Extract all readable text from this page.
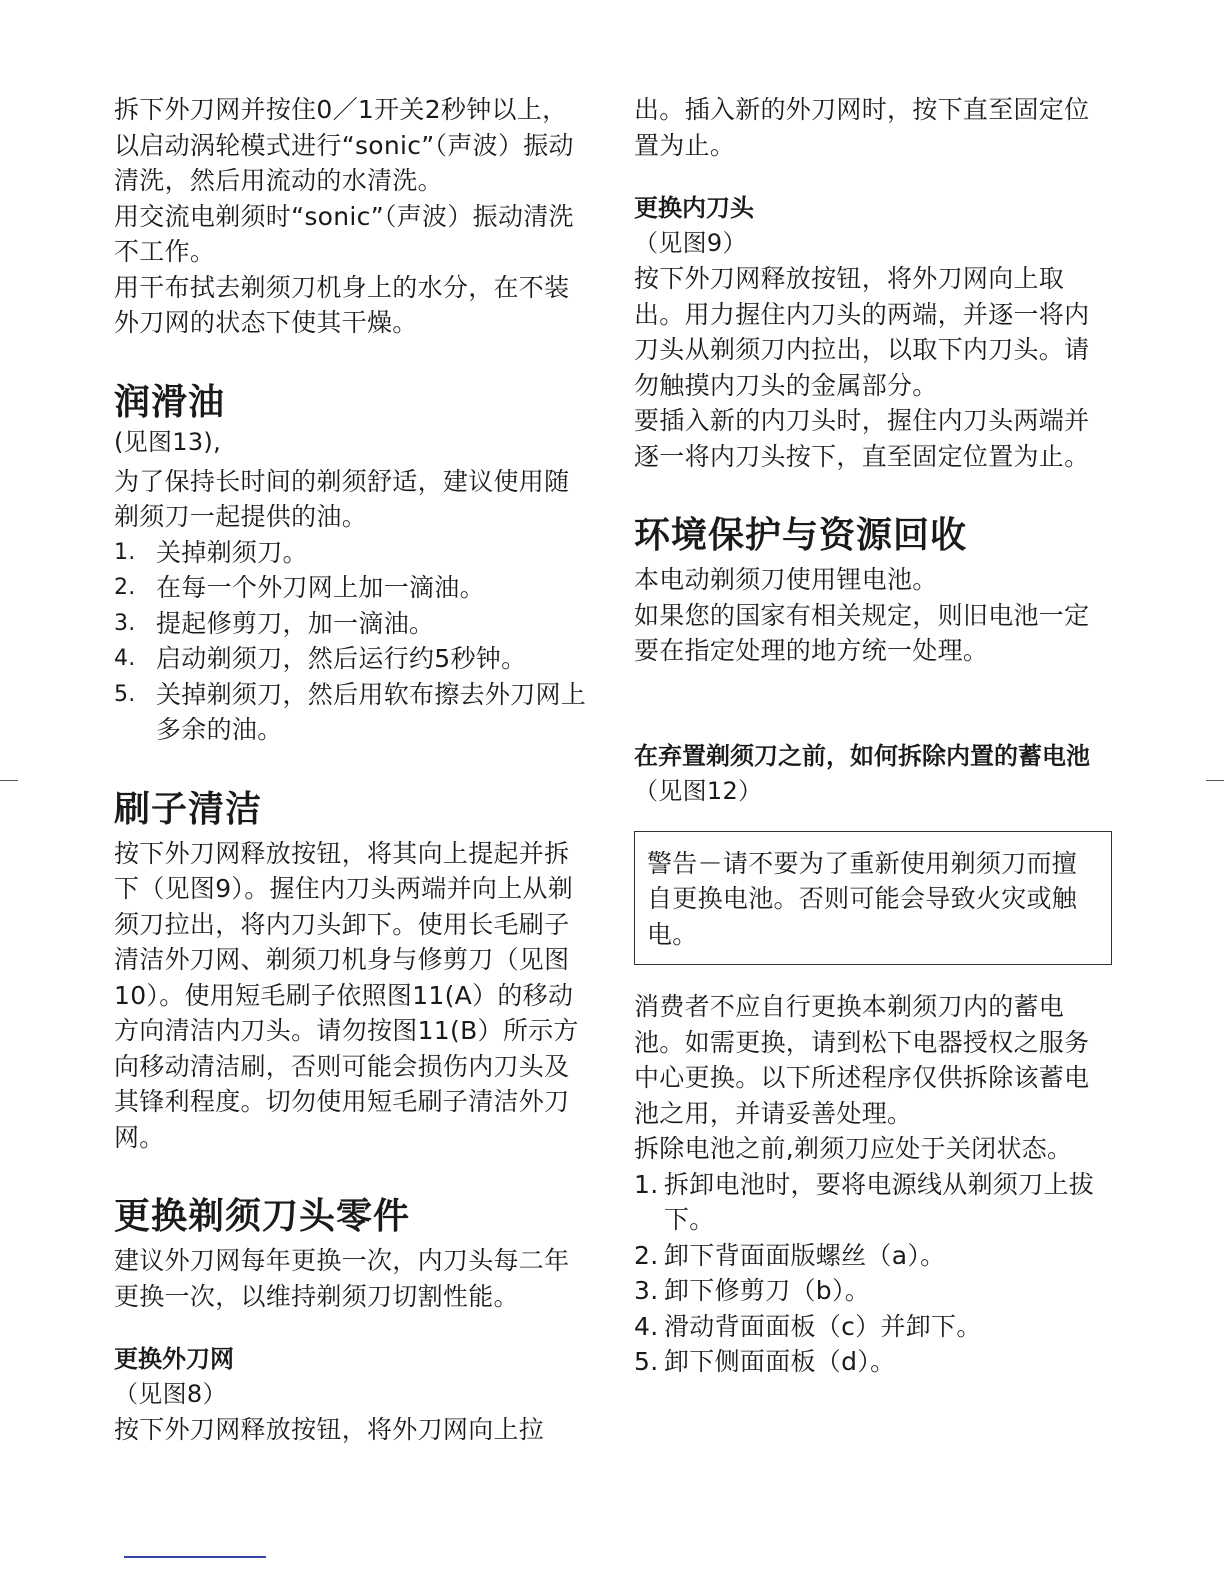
拆下外刀网并按住0／1开关2秒钟以上，以启动涡轮模式进行“sonic”（声波）振动清洗，然后用流动的水清洗。

用交流电剃须时“sonic”（声波）振动清洗不工作。

用干布拭去剃须刀机身上的水分，在不装外刀网的状态下使其干燥。

润滑油

(见图13),

为了保持长时间的剃须舒适，建议使用随剃须刀一起提供的油。

1. 关掉剃须刀。
2. 在每一个外刀网上加一滴油。
3. 提起修剪刀，加一滴油。
4. 启动剃须刀，然后运行约5秒钟。
5. 关掉剃须刀，然后用软布擦去外刀网上多余的油。
刷子清洁

按下外刀网释放按钮，将其向上提起并拆下（见图9）。握住内刀头两端并向上从剃须刀拉出，将内刀头卸下。使用长毛刷子清洁外刀网、剃须刀机身与修剪刀（见图10）。使用短毛刷子依照图11(A）的移动方向清洁内刀头。请勿按图11(B）所示方向移动清洁刷，否则可能会损伤内刀头及其锋利程度。切勿使用短毛刷子清洁外刀网。

更换剃须刀头零件

建议外刀网每年更换一次，内刀头每二年更换一次，以维持剃须刀切割性能。

更换外刀网

（见图8）

按下外刀网释放按钮，将外刀网向上拉

出。插入新的外刀网时，按下直至固定位置为止。

更换内刀头

（见图9）

按下外刀网释放按钮，将外刀网向上取出。用力握住内刀头的两端，并逐一将内刀头从剃须刀内拉出，以取下内刀头。请勿触摸内刀头的金属部分。

要插入新的内刀头时，握住内刀头两端并逐一将内刀头按下，直至固定位置为止。

环境保护与资源回收

本电动剃须刀使用锂电池。

如果您的国家有相关规定，则旧电池一定要在指定处理的地方统一处理。

在弃置剃须刀之前，如何拆除内置的蓄电池

（见图12）

警告－请不要为了重新使用剃须刀而擅自更换电池。否则可能会导致火灾或触电。

消费者不应自行更换本剃须刀内的蓄电池。如需更换，请到松下电器授权之服务中心更换。以下所述程序仅供拆除该蓄电池之用，并请妥善处理。

拆除电池之前,剃须刀应处于关闭状态。

1. 拆卸电池时，要将电源线从剃须刀上拔下。
2. 卸下背面面版螺丝（a）。
3. 卸下修剪刀（b）。
4. 滑动背面面板（c）并卸下。
5. 卸下侧面面板（d）。
